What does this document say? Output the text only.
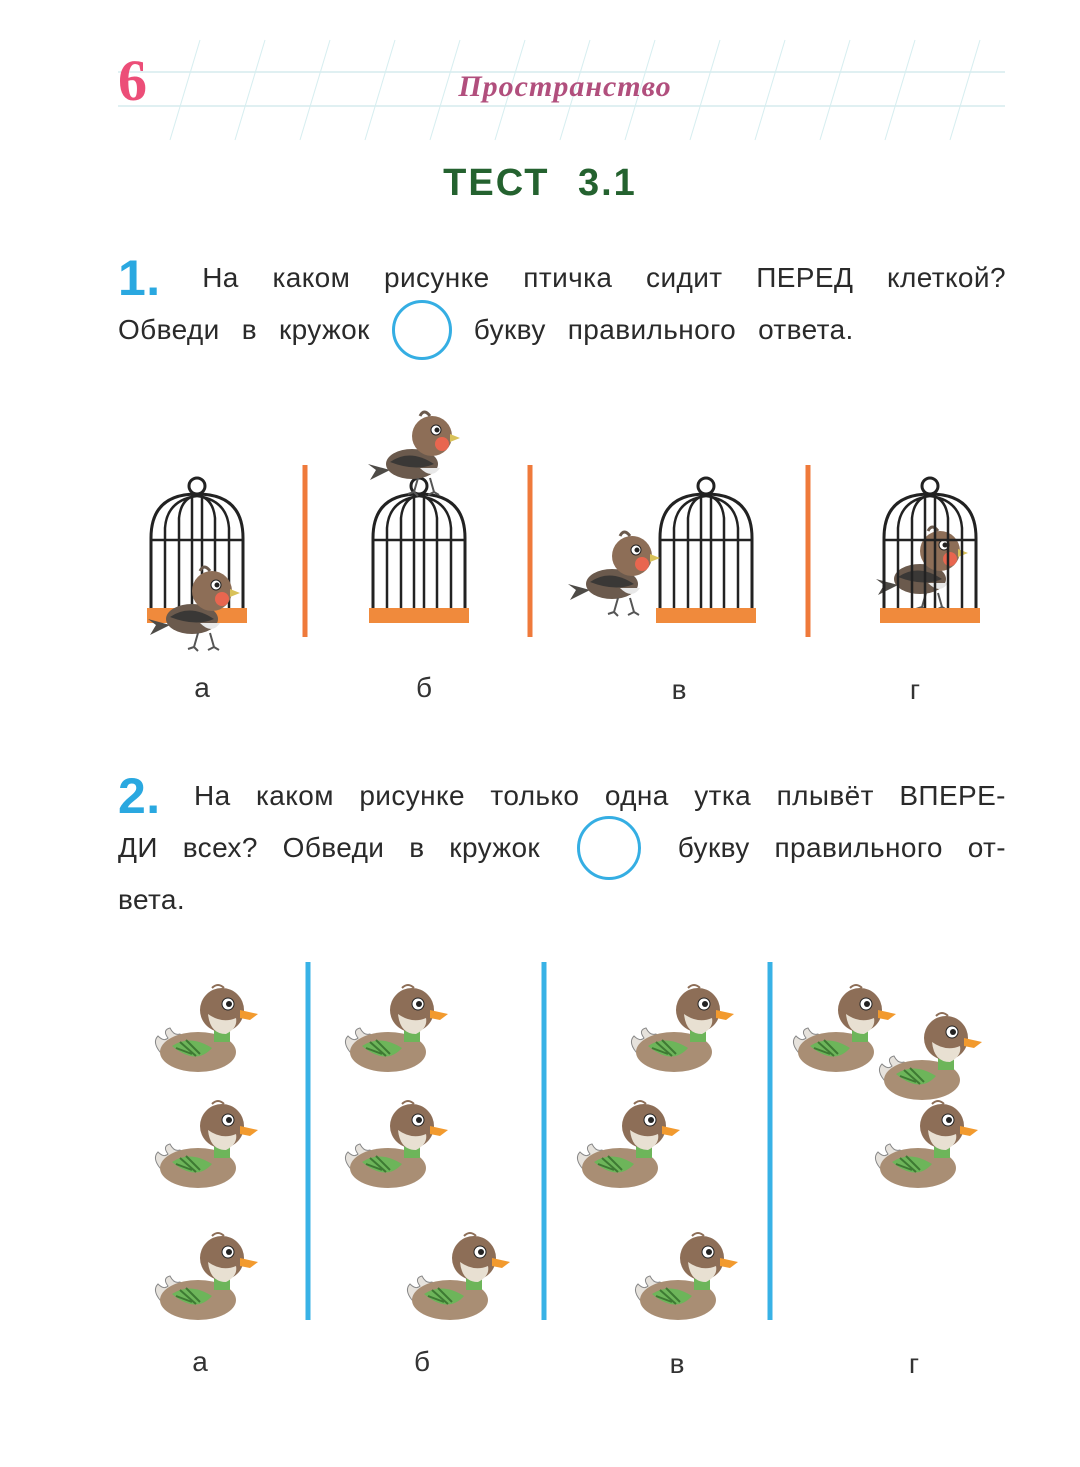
6	Пространство
ТЕСТ 3.1
1. На каком рисунке птичка сидит ПЕРЕД клеткой?
Обведи в кружок	букву правильного ответа.
а	б	в	г
2. На каком рисунке только одна утка плывёт ВПЕРЕ-
ДИ всех? Обведи в кружок	букву правильного от-
вета.
а	б	в	г
